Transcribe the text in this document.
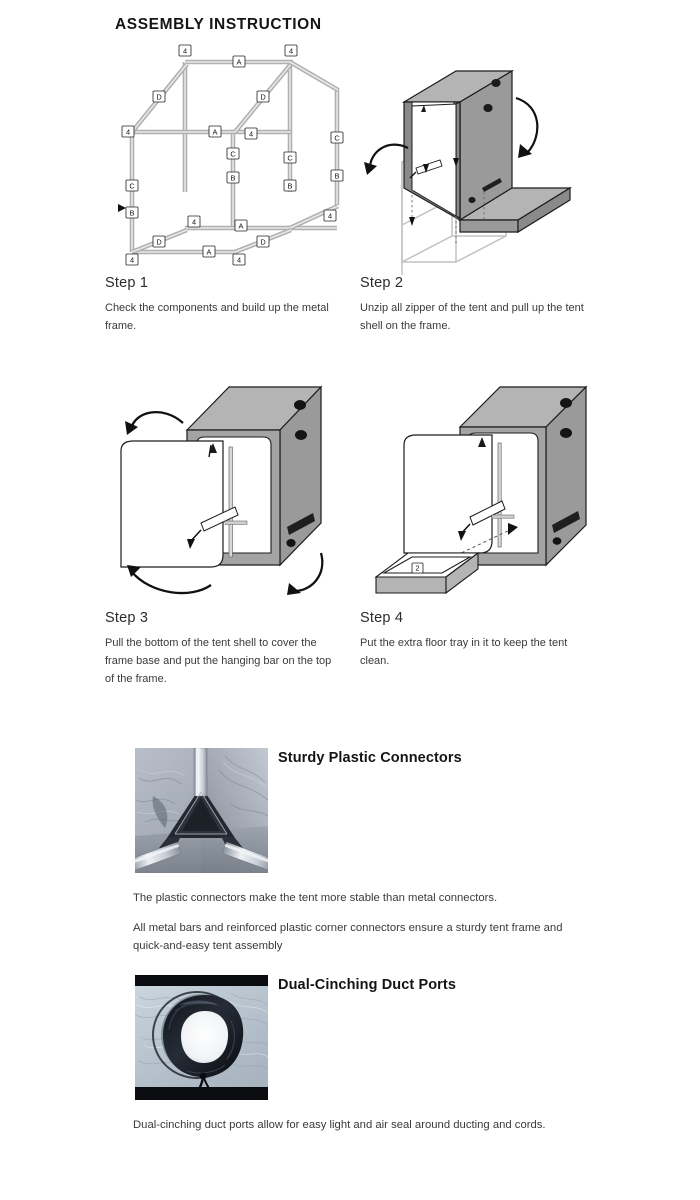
ASSEMBLY INSTRUCTION
4
A
4
D	D
4	A	4
C
B
C
B
C
B
C
B
4	A
4
D	D
4
A
4
Step 1

Check the components and build up the metal frame.

Step 2

Unzip all zipper of the tent and pull up the tent shell on the frame.

Step 3

Pull the bottom of the tent shell to cover the frame base and put the hanging bar on the top of the frame.

2
Step 4

Put the extra floor tray in it to keep the tent clean.

Sturdy Plastic Connectors
The plastic connectors make the tent more stable than metal connectors.
All metal bars and reinforced plastic corner connectors ensure a sturdy tent frame and quick-and-easy tent assembly
Dual-Cinching Duct Ports
Dual-cinching duct ports allow for easy light and air seal around ducting and cords.
